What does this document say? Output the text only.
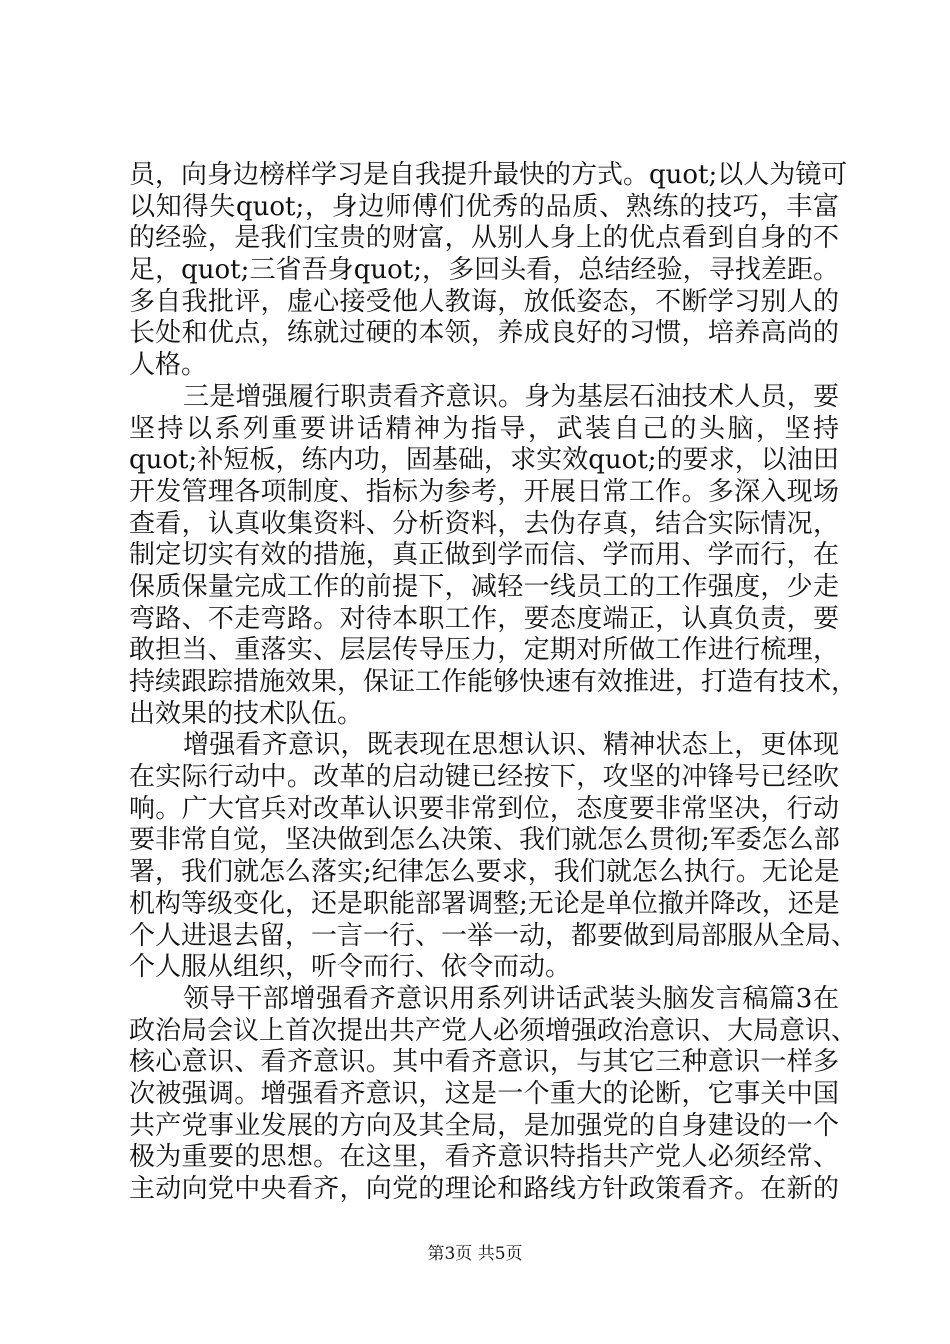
员，向身边榜样学习是自我提升最快的方式。quot;以人为镜可
以知得失quot;，身边师傅们优秀的品质、熟练的技巧，丰富
的经验，是我们宝贵的财富，从别人身上的优点看到自身的不
足，quot;三省吾身quot;，多回头看，总结经验，寻找差距。
多自我批评，虚心接受他人教诲，放低姿态，不断学习别人的
长处和优点，练就过硬的本领，养成良好的习惯，培养高尚的
人格。
三是增强履行职责看齐意识。身为基层石油技术人员，要
坚持以系列重要讲话精神为指导，武装自己的头脑，坚持
quot;补短板，练内功，固基础，求实效quot;的要求，以油田
开发管理各项制度、指标为参考，开展日常工作。多深入现场
查看，认真收集资料、分析资料，去伪存真，结合实际情况，
制定切实有效的措施，真正做到学而信、学而用、学而行，在
保质保量完成工作的前提下，减轻一线员工的工作强度，少走
弯路、不走弯路。对待本职工作，要态度端正，认真负责，要
敢担当、重落实、层层传导压力，定期对所做工作进行梳理，
持续跟踪措施效果，保证工作能够快速有效推进，打造有技术，
出效果的技术队伍。
增强看齐意识，既表现在思想认识、精神状态上，更体现
在实际行动中。改革的启动键已经按下，攻坚的冲锋号已经吹
响。广大官兵对改革认识要非常到位，态度要非常坚决，行动
要非常自觉，坚决做到怎么决策、我们就怎么贯彻;军委怎么部
署，我们就怎么落实;纪律怎么要求，我们就怎么执行。无论是
机构等级变化，还是职能部署调整;无论是单位撤并降改，还是
个人进退去留，一言一行、一举一动，都要做到局部服从全局、
个人服从组织，听令而行、依令而动。
领导干部增强看齐意识用系列讲话武装头脑发言稿篇3在
政治局会议上首次提出共产党人必须增强政治意识、大局意识、
核心意识、看齐意识。其中看齐意识，与其它三种意识一样多
次被强调。增强看齐意识，这是一个重大的论断，它事关中国
共产党事业发展的方向及其全局，是加强党的自身建设的一个
极为重要的思想。在这里，看齐意识特指共产党人必须经常、
主动向党中央看齐，向党的理论和路线方针政策看齐。在新的
第3页 共5页
